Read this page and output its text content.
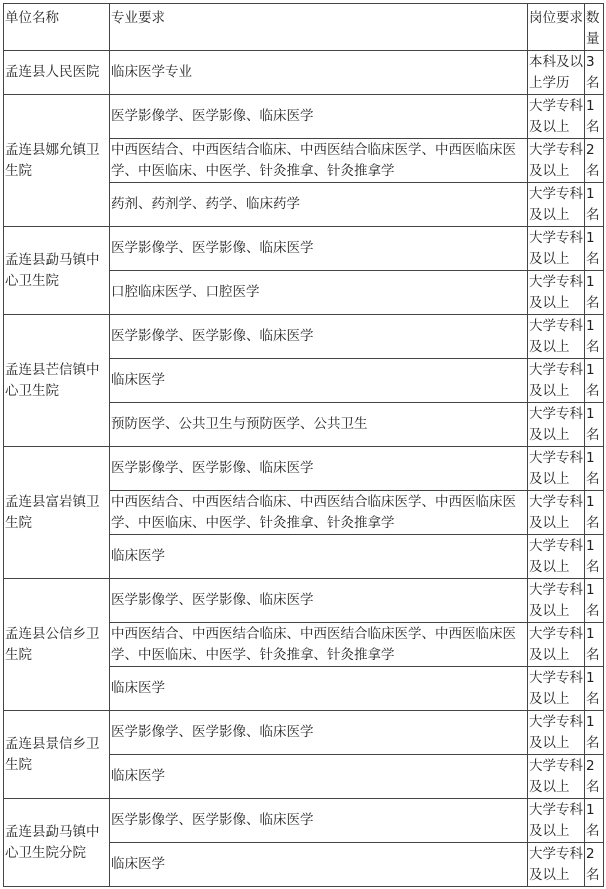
单位名称	专业要求	岗位要求	数量
孟连县人民医院	临床医学专业	本科及以上学历	3名
孟连县娜允镇卫生院	医学影像学、医学影像、临床医学	大学专科及以上	1名
	中西医结合、中西医结合临床、中西医结合临床医学、中西医临床医学、中医临床、中医学、针灸推拿、针灸推拿学	大学专科及以上	2名
	药剂、药剂学、药学、临床药学	大学专科及以上	1名
孟连县勐马镇中心卫生院	医学影像学、医学影像、临床医学	大学专科及以上	1名
	口腔临床医学、口腔医学	大学专科及以上	1名
孟连县芒信镇中心卫生院	医学影像学、医学影像、临床医学	大学专科及以上	1名
	临床医学	大学专科及以上	1名
	预防医学、公共卫生与预防医学、公共卫生	大学专科及以上	1名
孟连县富岩镇卫生院	医学影像学、医学影像、临床医学	大学专科及以上	1名
	中西医结合、中西医结合临床、中西医结合临床医学、中西医临床医学、中医临床、中医学、针灸推拿、针灸推拿学	大学专科及以上	1名
	临床医学	大学专科及以上	1名
孟连县公信乡卫生院	医学影像学、医学影像、临床医学	大学专科及以上	1名
	中西医结合、中西医结合临床、中西医结合临床医学、中西医临床医学、中医临床、中医学、针灸推拿、针灸推拿学	大学专科及以上	1名
	临床医学	大学专科及以上	1名
孟连县景信乡卫生院	医学影像学、医学影像、临床医学	大学专科及以上	1名
	临床医学	大学专科及以上	2名
孟连县勐马镇中心卫生院分院	医学影像学、医学影像、临床医学	大学专科及以上	1名
	临床医学	大学专科及以上	2名
